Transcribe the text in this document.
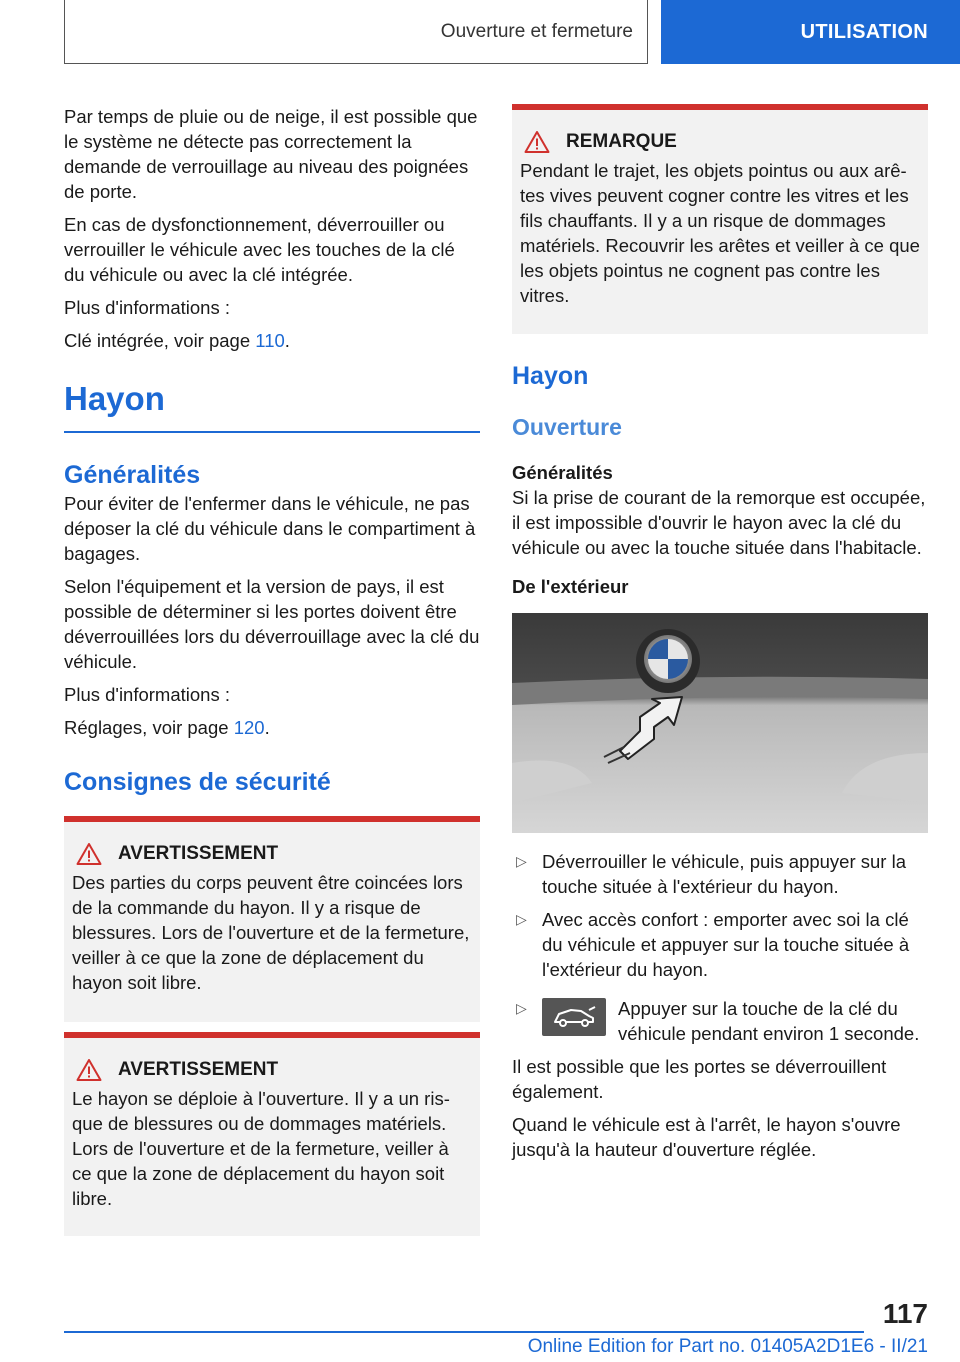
Ouverture et fermeture	UTILISATION

Par temps de pluie ou de neige, il est possible que le système ne détecte pas correctement la demande de verrouillage au niveau des poignées de porte.

En cas de dysfonctionnement, déverrouiller ou verrouiller le véhicule avec les touches de la clé du véhicule ou avec la clé intégrée.

Plus d'informations :

Clé intégrée, voir page 110.

Hayon
Généralités

Pour éviter de l'enfermer dans le véhicule, ne pas déposer la clé du véhicule dans le compartiment à bagages.

Selon l'équipement et la version de pays, il est possible de déterminer si les portes doivent être déverrouillées lors du déverrouillage avec la clé du véhicule.

Plus d'informations :

Réglages, voir page 120.

Consignes de sécurité
AVERTISSEMENT

Des parties du corps peuvent être coincées lors de la commande du hayon. Il y a risque de blessures. Lors de l'ouverture et de la fermeture, veiller à ce que la zone de déplacement du hayon soit libre.

AVERTISSEMENT

Le hayon se déploie à l'ouverture. Il y a un risque de blessures ou de dommages matériels. Lors de l'ouverture et de la fermeture, veiller à ce que la zone de déplacement du hayon soit libre.

REMARQUE

Pendant le trajet, les objets pointus ou aux arêtes vives peuvent cogner contre les vitres et les fils chauffants. Il y a un risque de dommages matériels. Recouvrir les arêtes et veiller à ce que les objets pointus ne cognent pas contre les vitres.

Hayon
Ouverture
Généralités

Si la prise de courant de la remorque est occupée, il est impossible d'ouvrir le hayon avec la clé du véhicule ou avec la touche située dans l'habitacle.

De l'extérieur
▷ Déverrouiller le véhicule, puis appuyer sur la touche située à l'extérieur du hayon.
▷ Avec accès confort : emporter avec soi la clé du véhicule et appuyer sur la touche située à l'extérieur du hayon.
▷	Appuyer sur la touche de la clé du véhicule pendant environ 1 seconde.

Il est possible que les portes se déverrouillent également.

Quand le véhicule est à l'arrêt, le hayon s'ouvre jusqu'à la hauteur d'ouverture réglée.

117
Online Edition for Part no. 01405A2D1E6 - II/21
